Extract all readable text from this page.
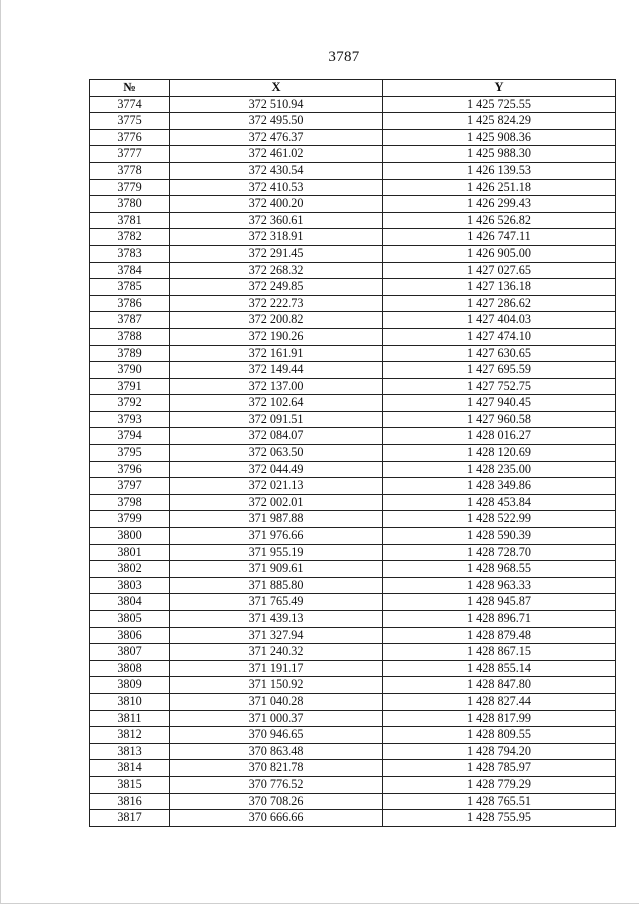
3787
№	X	Y
3774	372 510.94	1 425 725.55
3775	372 495.50	1 425 824.29
3776	372 476.37	1 425 908.36
3777	372 461.02	1 425 988.30
3778	372 430.54	1 426 139.53
3779	372 410.53	1 426 251.18
3780	372 400.20	1 426 299.43
3781	372 360.61	1 426 526.82
3782	372 318.91	1 426 747.11
3783	372 291.45	1 426 905.00
3784	372 268.32	1 427 027.65
3785	372 249.85	1 427 136.18
3786	372 222.73	1 427 286.62
3787	372 200.82	1 427 404.03
3788	372 190.26	1 427 474.10
3789	372 161.91	1 427 630.65
3790	372 149.44	1 427 695.59
3791	372 137.00	1 427 752.75
3792	372 102.64	1 427 940.45
3793	372 091.51	1 427 960.58
3794	372 084.07	1 428 016.27
3795	372 063.50	1 428 120.69
3796	372 044.49	1 428 235.00
3797	372 021.13	1 428 349.86
3798	372 002.01	1 428 453.84
3799	371 987.88	1 428 522.99
3800	371 976.66	1 428 590.39
3801	371 955.19	1 428 728.70
3802	371 909.61	1 428 968.55
3803	371 885.80	1 428 963.33
3804	371 765.49	1 428 945.87
3805	371 439.13	1 428 896.71
3806	371 327.94	1 428 879.48
3807	371 240.32	1 428 867.15
3808	371 191.17	1 428 855.14
3809	371 150.92	1 428 847.80
3810	371 040.28	1 428 827.44
3811	371 000.37	1 428 817.99
3812	370 946.65	1 428 809.55
3813	370 863.48	1 428 794.20
3814	370 821.78	1 428 785.97
3815	370 776.52	1 428 779.29
3816	370 708.26	1 428 765.51
3817	370 666.66	1 428 755.95
